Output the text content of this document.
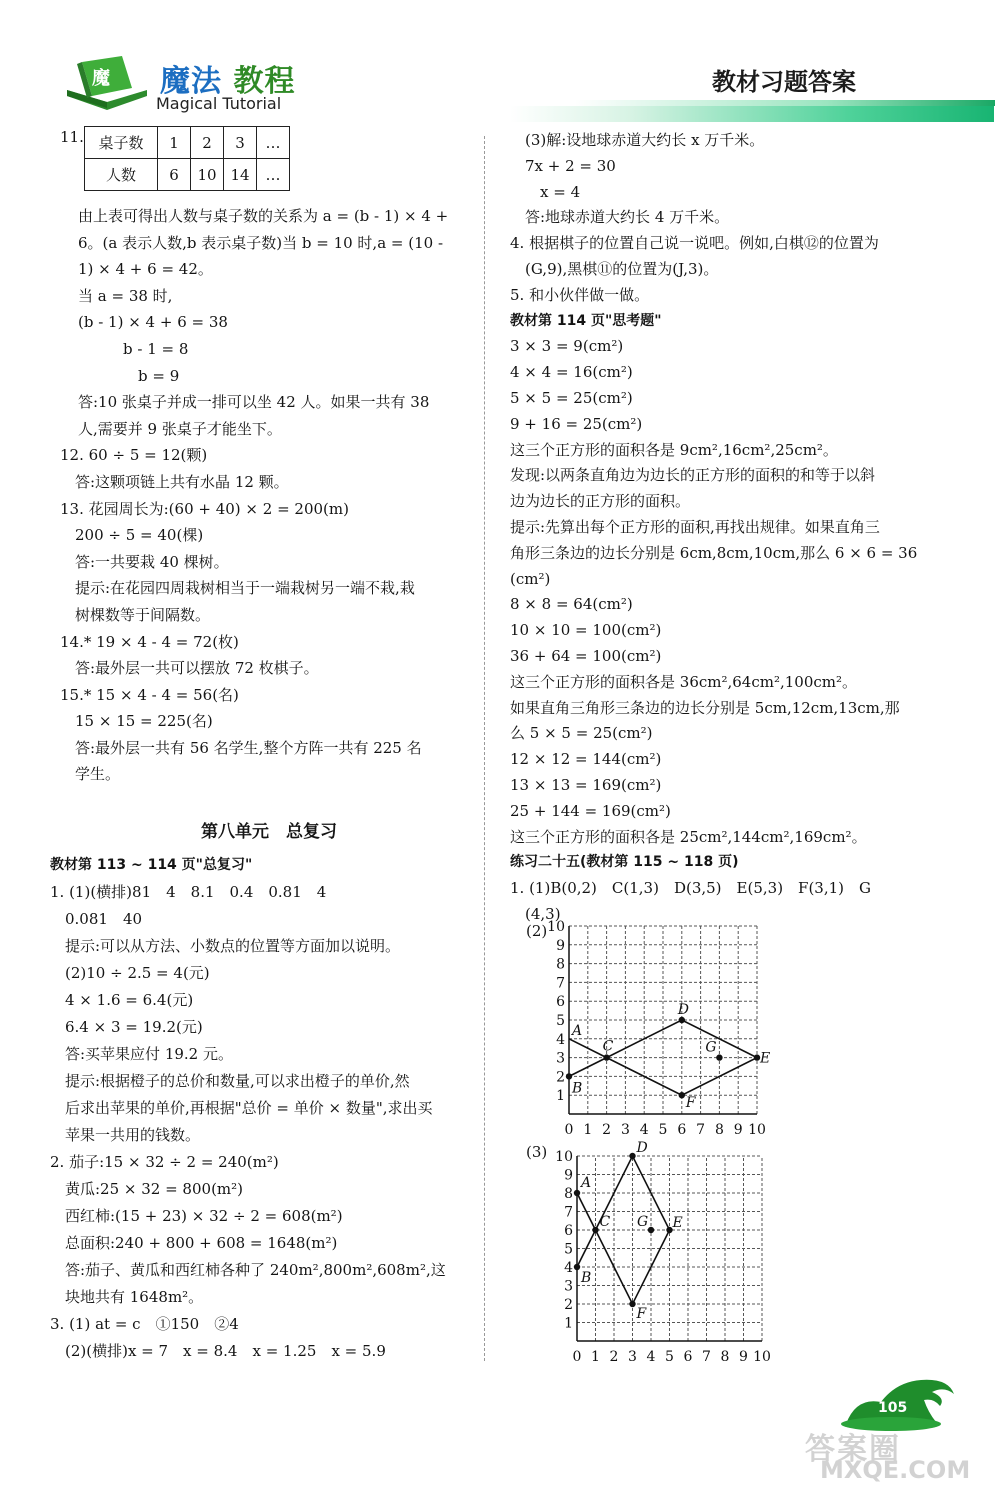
魔 魔法 教程
Magical Tutorial
教材习题答案
11. 桌子数	1	2	3	…
人数	6	10	14	…
由上表可得出人数与桌子数的关系为 a = (b - 1) × 4 +
6。(a 表示人数,b 表示桌子数)当 b = 10 时,a = (10 -
1) × 4 + 6 = 42。
当 a = 38 时,
(b - 1) × 4 + 6 = 38
　　　b - 1 = 8
　　　　b = 9
答:10 张桌子并成一排可以坐 42 人。如果一共有 38
人,需要并 9 张桌子才能坐下。
12. 60 ÷ 5 = 12(颗)
　答:这颗项链上共有水晶 12 颗。
13. 花园周长为:(60 + 40) × 2 = 200(m)
　200 ÷ 5 = 40(棵)
　答:一共要栽 40 棵树。
　提示:在花园四周栽树相当于一端栽树另一端不栽,栽
　树棵数等于间隔数。
14.* 19 × 4 - 4 = 72(枚)
　答:最外层一共可以摆放 72 枚棋子。
15.* 15 × 4 - 4 = 56(名)
　15 × 15 = 225(名)
　答:最外层一共有 56 名学生,整个方阵一共有 225 名
　学生。
第八单元　总复习
教材第 113 ~ 114 页"总复习"
1. (1)(横排)81　4　8.1　0.4　0.81　4
　0.081　40
　提示:可以从方法、小数点的位置等方面加以说明。
　(2)10 ÷ 2.5 = 4(元)
　4 × 1.6 = 6.4(元)
　6.4 × 3 = 19.2(元)
　答:买苹果应付 19.2 元。
　提示:根据橙子的总价和数量,可以求出橙子的单价,然
　后求出苹果的单价,再根据"总价 = 单价 × 数量",求出买
　苹果一共用的钱数。
2. 茄子:15 × 32 ÷ 2 = 240(m²)
　黄瓜:25 × 32 = 800(m²)
　西红柿:(15 + 23) × 32 ÷ 2 = 608(m²)
　总面积:240 + 800 + 608 = 1648(m²)
　答:茄子、黄瓜和西红柿各种了 240m²,800m²,608m²,这
　块地共有 1648m²。
3. (1) at = c　①150　②4
　(2)(横排)x = 7　x = 8.4　x = 1.25　x = 5.9
　(3)解:设地球赤道大约长 x 万千米。
　7x + 2 = 30
　　x = 4
　答:地球赤道大约长 4 万千米。
4. 根据棋子的位置自己说一说吧。例如,白棋⑫的位置为
　(G,9),黑棋⑪的位置为(J,3)。
5. 和小伙伴做一做。
教材第 114 页"思考题"
3 × 3 = 9(cm²)
4 × 4 = 16(cm²)
5 × 5 = 25(cm²)
9 + 16 = 25(cm²)
这三个正方形的面积各是 9cm²,16cm²,25cm²。
发现:以两条直角边为边长的正方形的面积的和等于以斜
边为边长的正方形的面积。
提示:先算出每个正方形的面积,再找出规律。如果直角三
角形三条边的边长分别是 6cm,8cm,10cm,那么 6 × 6 = 36
(cm²)
8 × 8 = 64(cm²)
10 × 10 = 100(cm²)
36 + 64 = 100(cm²)
这三个正方形的面积各是 36cm²,64cm²,100cm²。
如果直角三角形三条边的边长分别是 5cm,12cm,13cm,那
么 5 × 5 = 25(cm²)
12 × 12 = 144(cm²)
13 × 13 = 169(cm²)
25 + 144 = 169(cm²)
这三个正方形的面积各是 25cm²,144cm²,169cm²。
练习二十五(教材第 115 ~ 118 页)
1. (1)B(0,2)　C(1,3)　D(3,5)　E(5,3)　F(3,1)　G
　(4,3)
(2)
0 1
1
2
2
3
3
4
4
5
5
6
6
7
7
8
8
9
9
10
10
A
B
C
D
E
F
G
(3)
0 1
1
2
2
3
3
4
4
5
5
6
6
7
7
8
8
9
9
10
10
D
A
C G E
B
F
105
答案圈
MXQE.COM
